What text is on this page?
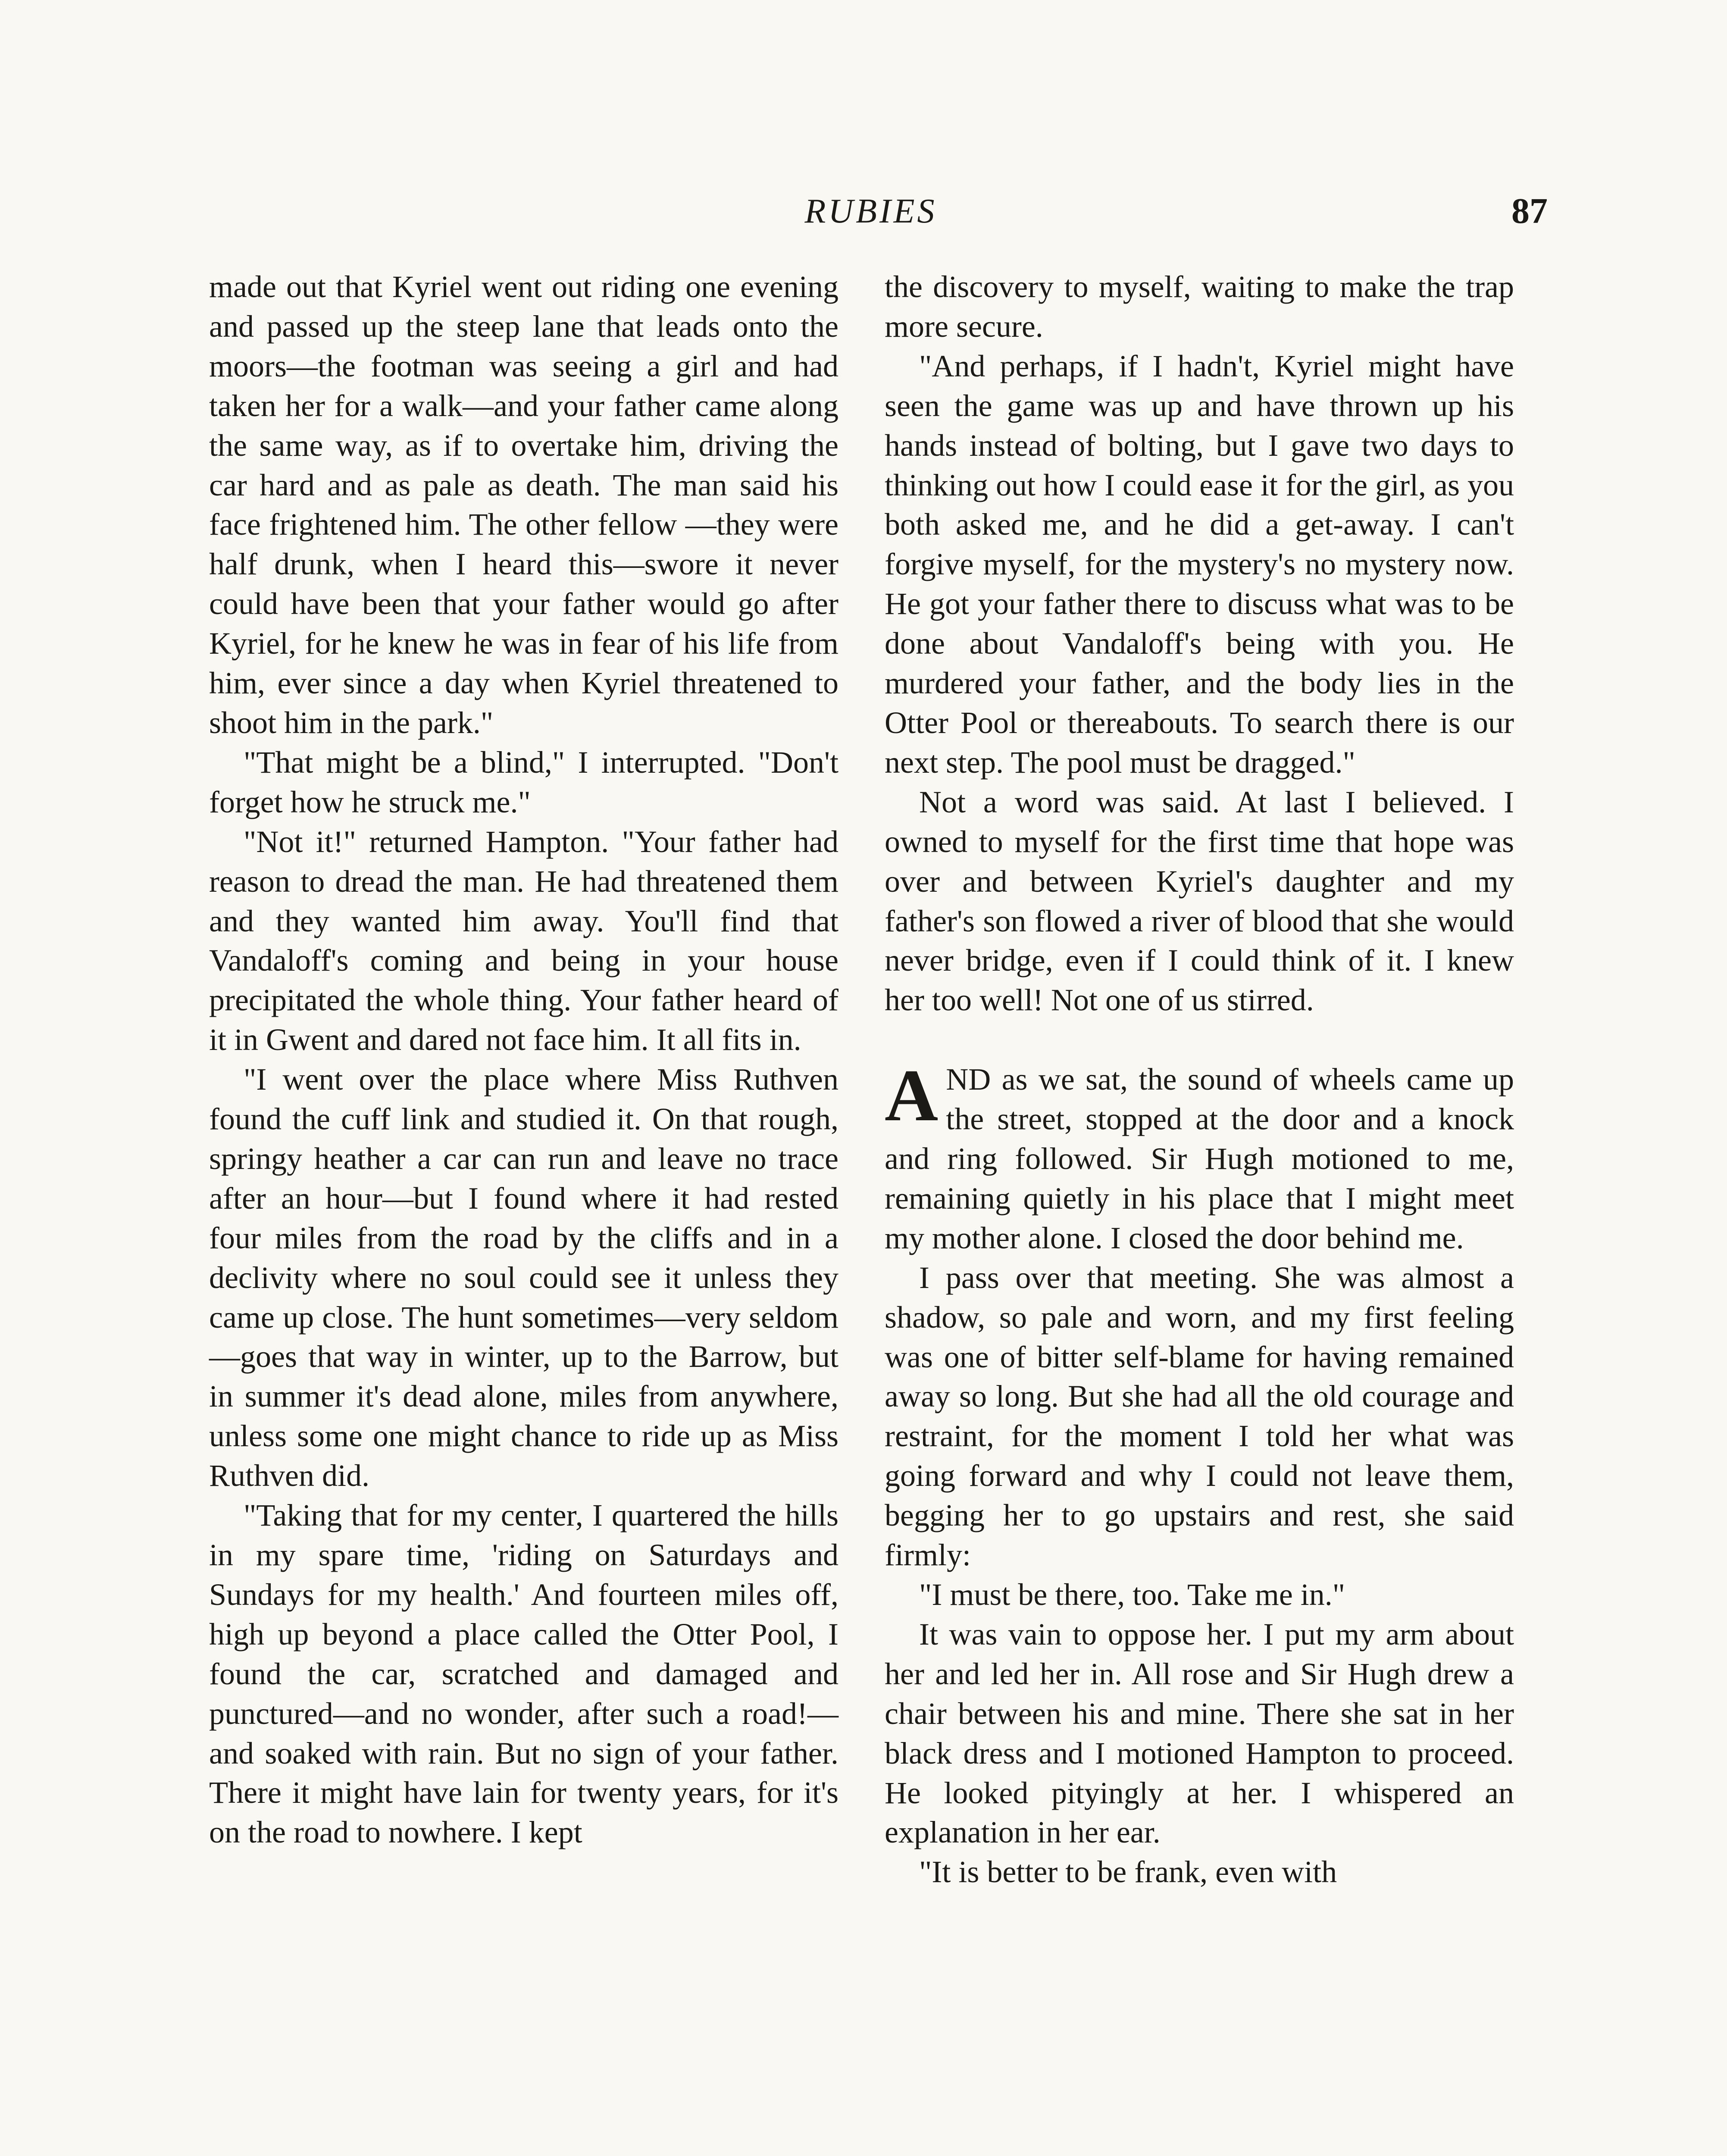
RUBIES	87

made out that Kyriel went out riding one evening and passed up the steep lane that leads onto the moors—the footman was seeing a girl and had taken her for a walk—and your father came along the same way, as if to overtake him, driving the car hard and as pale as death. The man said his face frightened him. The other fellow —they were half drunk, when I heard this—swore it never could have been that your father would go after Kyriel, for he knew he was in fear of his life from him, ever since a day when Kyriel threatened to shoot him in the park."

"That might be a blind," I interrupted. "Don't forget how he struck me."

"Not it!" returned Hampton. "Your father had reason to dread the man. He had threatened them and they wanted him away. You'll find that Vandaloff's coming and being in your house precipitated the whole thing. Your father heard of it in Gwent and dared not face him. It all fits in.

"I went over the place where Miss Ruthven found the cuff link and studied it. On that rough, springy heather a car can run and leave no trace after an hour—but I found where it had rested four miles from the road by the cliffs and in a declivity where no soul could see it unless they came up close. The hunt sometimes—very seldom—goes that way in winter, up to the Barrow, but in summer it's dead alone, miles from anywhere, unless some one might chance to ride up as Miss Ruthven did.

"Taking that for my center, I quartered the hills in my spare time, 'riding on Saturdays and Sundays for my health.' And fourteen miles off, high up beyond a place called the Otter Pool, I found the car, scratched and damaged and punctured—and no wonder, after such a road!—and soaked with rain. But no sign of your father. There it might have lain for twenty years, for it's on the road to nowhere. I kept

the discovery to myself, waiting to make the trap more secure.

"And perhaps, if I hadn't, Kyriel might have seen the game was up and have thrown up his hands instead of bolting, but I gave two days to thinking out how I could ease it for the girl, as you both asked me, and he did a get-away. I can't forgive myself, for the mystery's no mystery now. He got your father there to discuss what was to be done about Vandaloff's being with you. He murdered your father, and the body lies in the Otter Pool or thereabouts. To search there is our next step. The pool must be dragged."

Not a word was said. At last I believed. I owned to myself for the first time that hope was over and between Kyriel's daughter and my father's son flowed a river of blood that she would never bridge, even if I could think of it. I knew her too well! Not one of us stirred.

AND as we sat, the sound of wheels came up the street, stopped at the door and a knock and ring followed. Sir Hugh motioned to me, remaining quietly in his place that I might meet my mother alone. I closed the door behind me.

I pass over that meeting. She was almost a shadow, so pale and worn, and my first feeling was one of bitter self-blame for having remained away so long. But she had all the old courage and restraint, for the moment I told her what was going forward and why I could not leave them, begging her to go upstairs and rest, she said firmly:

"I must be there, too. Take me in."

It was vain to oppose her. I put my arm about her and led her in. All rose and Sir Hugh drew a chair between his and mine. There she sat in her black dress and I motioned Hampton to proceed. He looked pityingly at her. I whispered an explanation in her ear.

"It is better to be frank, even with
